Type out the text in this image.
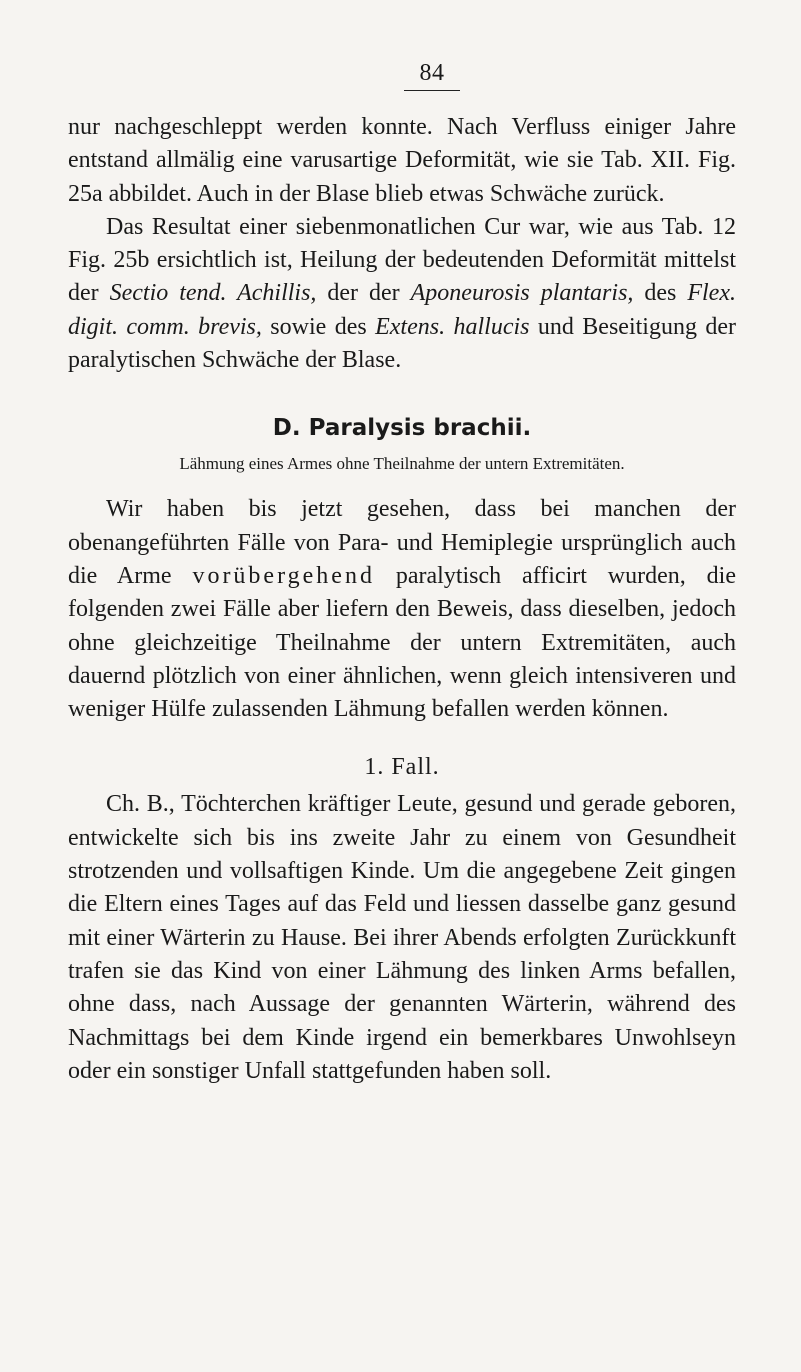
84

nur nachgeschleppt werden konnte. Nach Verfluss einiger Jahre entstand allmälig eine varusartige Deformität, wie sie Tab. XII. Fig. 25a abbildet. Auch in der Blase blieb etwas Schwäche zurück.

Das Resultat einer siebenmonatlichen Cur war, wie aus Tab. 12 Fig. 25b ersichtlich ist, Heilung der bedeutenden Deformität mittelst der Sectio tend. Achillis, der der Aponeurosis plantaris, des Flex. digit. comm. brevis, sowie des Extens. hallucis und Beseitigung der paralytischen Schwäche der Blase.

D. Paralysis brachii.
Lähmung eines Armes ohne Theilnahme der untern Extremitäten.

Wir haben bis jetzt gesehen, dass bei manchen der obenangeführten Fälle von Para- und Hemiplegie ursprünglich auch die Arme vorübergehend paralytisch afficirt wurden, die folgenden zwei Fälle aber liefern den Beweis, dass dieselben, jedoch ohne gleichzeitige Theilnahme der untern Extremitäten, auch dauernd plötzlich von einer ähnlichen, wenn gleich intensiveren und weniger Hülfe zulassenden Lähmung befallen werden können.

1. Fall.

Ch. B., Töchterchen kräftiger Leute, gesund und gerade geboren, entwickelte sich bis ins zweite Jahr zu einem von Gesundheit strotzenden und vollsaftigen Kinde. Um die angegebene Zeit gingen die Eltern eines Tages auf das Feld und liessen dasselbe ganz gesund mit einer Wärterin zu Hause. Bei ihrer Abends erfolgten Zurückkunft trafen sie das Kind von einer Lähmung des linken Arms befallen, ohne dass, nach Aussage der genannten Wärterin, während des Nachmittags bei dem Kinde irgend ein bemerkbares Unwohlseyn oder ein sonstiger Unfall stattgefunden haben soll.
